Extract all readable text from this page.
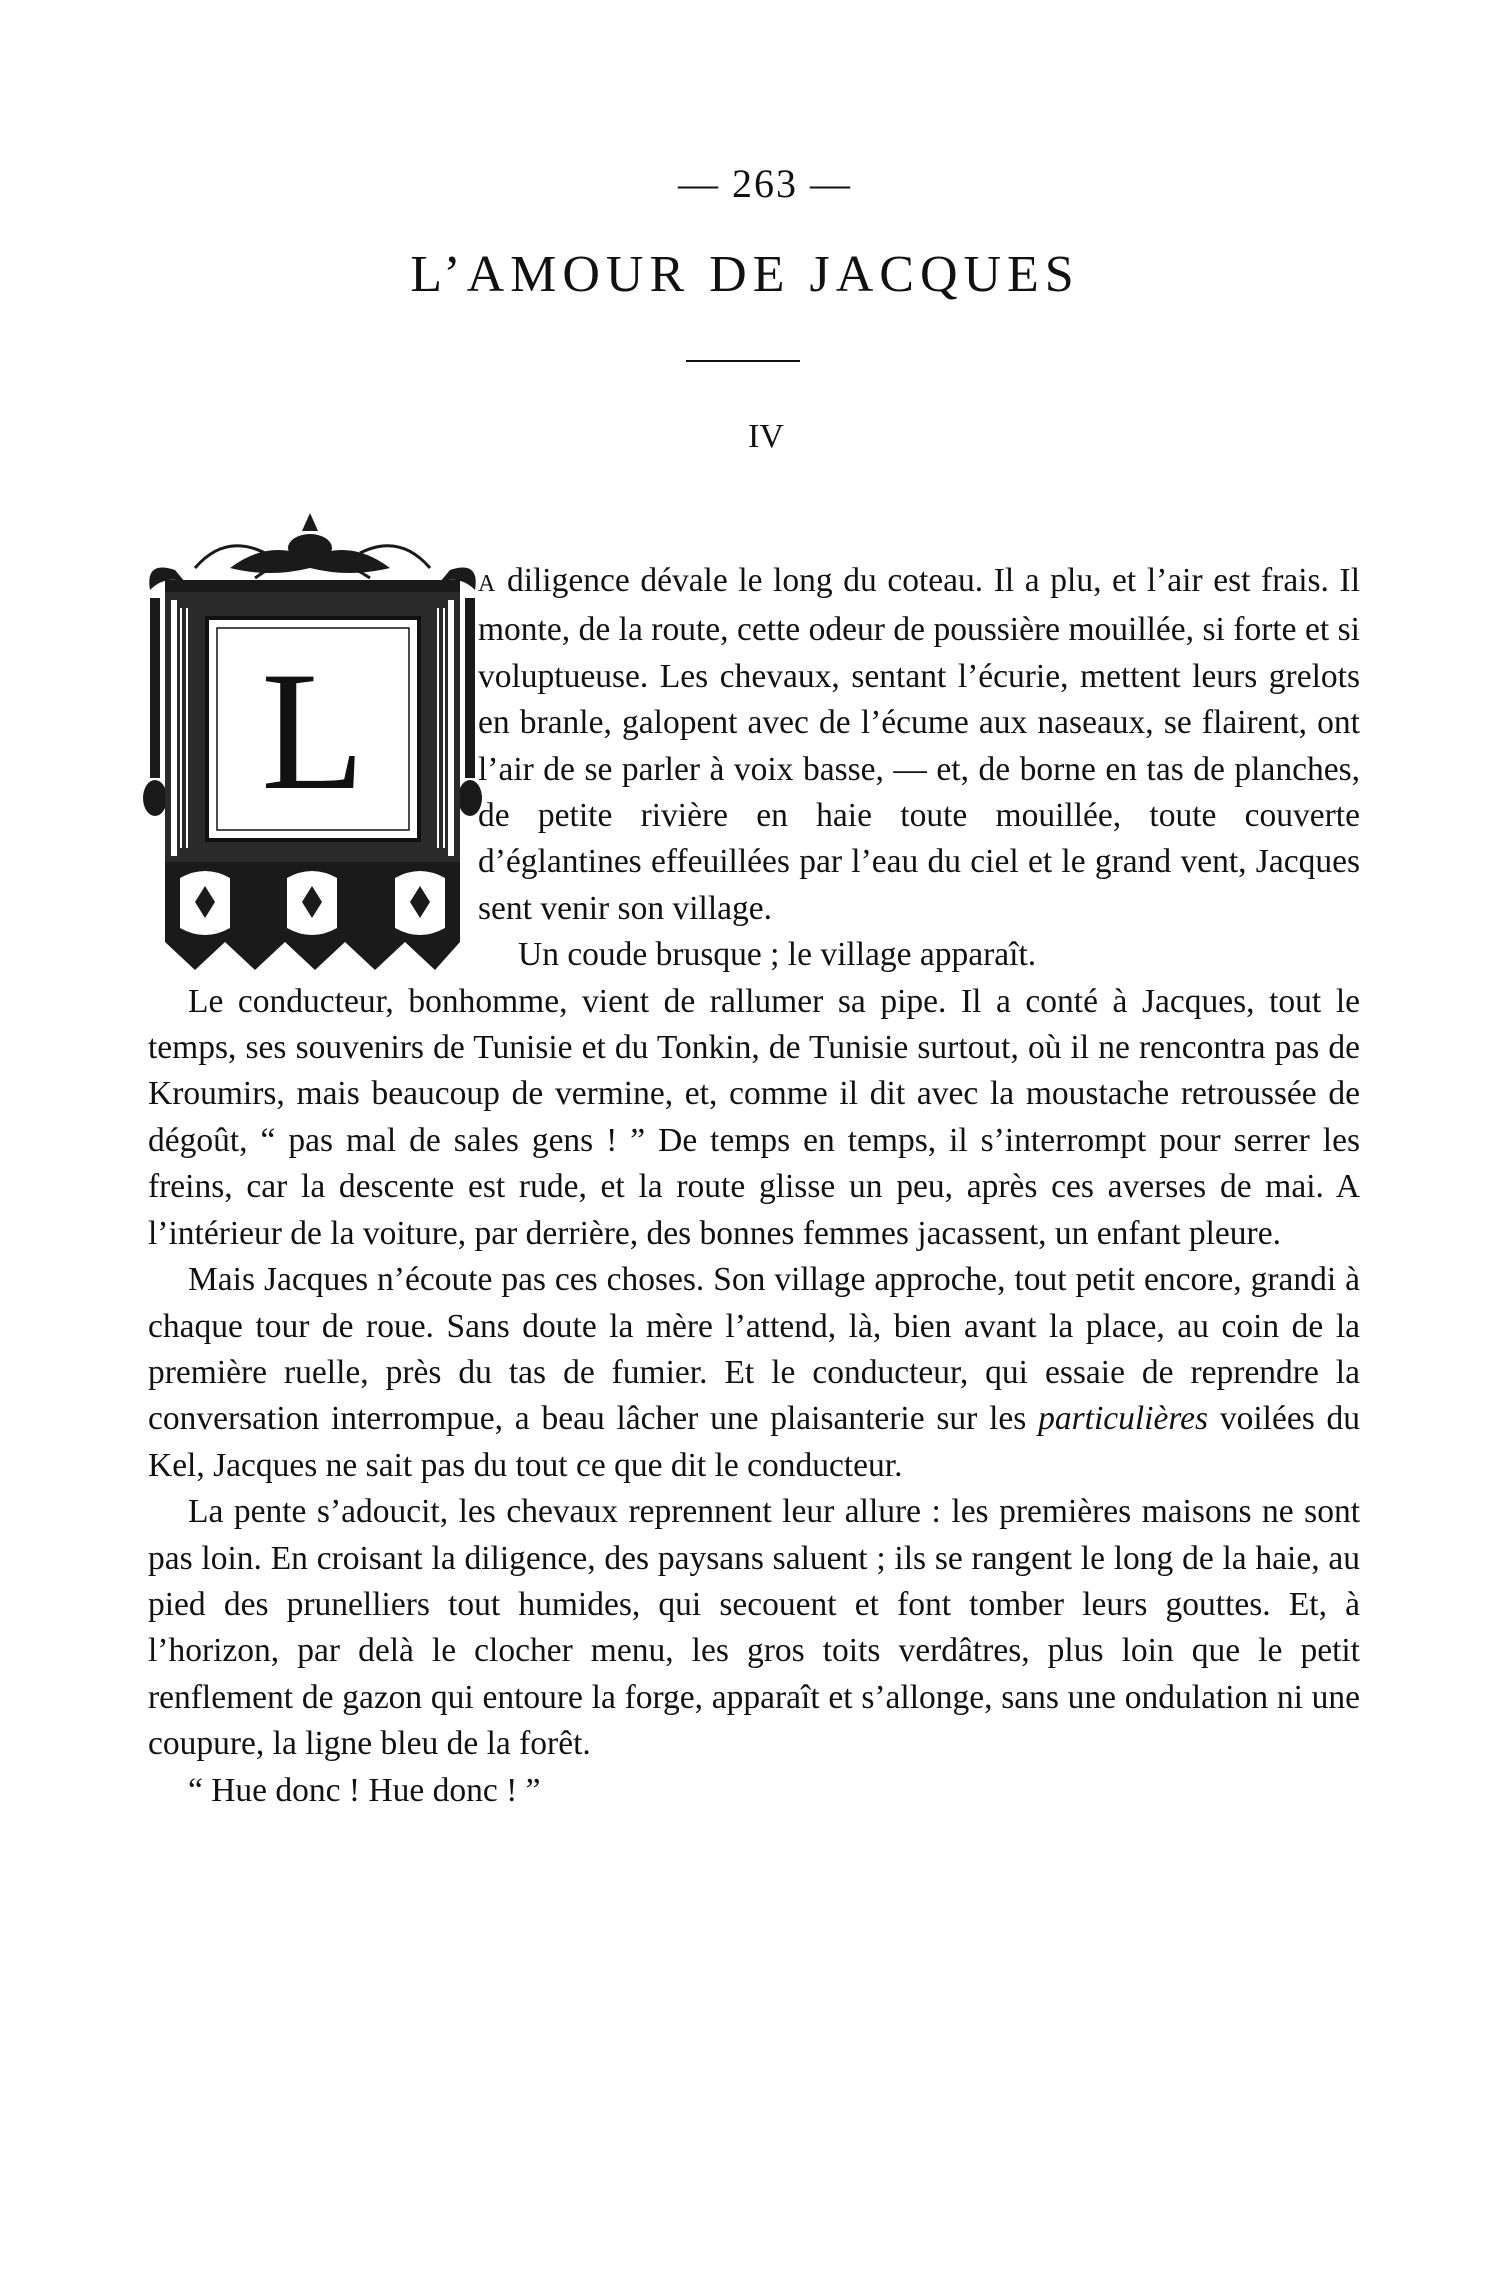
— 263 —
L’AMOUR DE JACQUES
IV
L

A diligence dévale le long du coteau. Il a plu, et l’air est frais. Il monte, de la route, cette odeur de poussière mouillée, si forte et si voluptueuse. Les chevaux, sentant l’écurie, mettent leurs grelots en branle, galopent avec de l’écume aux naseaux, se flairent, ont l’air de se parler à voix basse, — et, de borne en tas de planches, de petite rivière en haie toute mouillée, toute couverte d’églantines effeuillées par l’eau du ciel et le grand vent, Jacques sent venir son village.

Un coude brusque ; le village apparaît.

Le conducteur, bonhomme, vient de rallumer sa pipe. Il a conté à Jacques, tout le temps, ses souvenirs de Tunisie et du Tonkin, de Tunisie surtout, où il ne rencontra pas de Kroumirs, mais beaucoup de vermine, et, comme il dit avec la moustache retroussée de dégoût, “ pas mal de sales gens ! ” De temps en temps, il s’interrompt pour serrer les freins, car la descente est rude, et la route glisse un peu, après ces averses de mai. A l’intérieur de la voiture, par derrière, des bonnes femmes jacassent, un enfant pleure.

Mais Jacques n’écoute pas ces choses. Son village approche, tout petit encore, grandi à chaque tour de roue. Sans doute la mère l’attend, là, bien avant la place, au coin de la première ruelle, près du tas de fumier. Et le conducteur, qui essaie de reprendre la conversation interrompue, a beau lâcher une plaisanterie sur les particulières voilées du Kel, Jacques ne sait pas du tout ce que dit le conducteur.

La pente s’adoucit, les chevaux reprennent leur allure : les premières maisons ne sont pas loin. En croisant la diligence, des paysans saluent ; ils se rangent le long de la haie, au pied des prunelliers tout humides, qui secouent et font tomber leurs gouttes. Et, à l’horizon, par delà le clocher menu, les gros toits verdâtres, plus loin que le petit renflement de gazon qui entoure la forge, apparaît et s’allonge, sans une ondulation ni une coupure, la ligne bleu de la forêt.

“ Hue donc ! Hue donc ! ”
